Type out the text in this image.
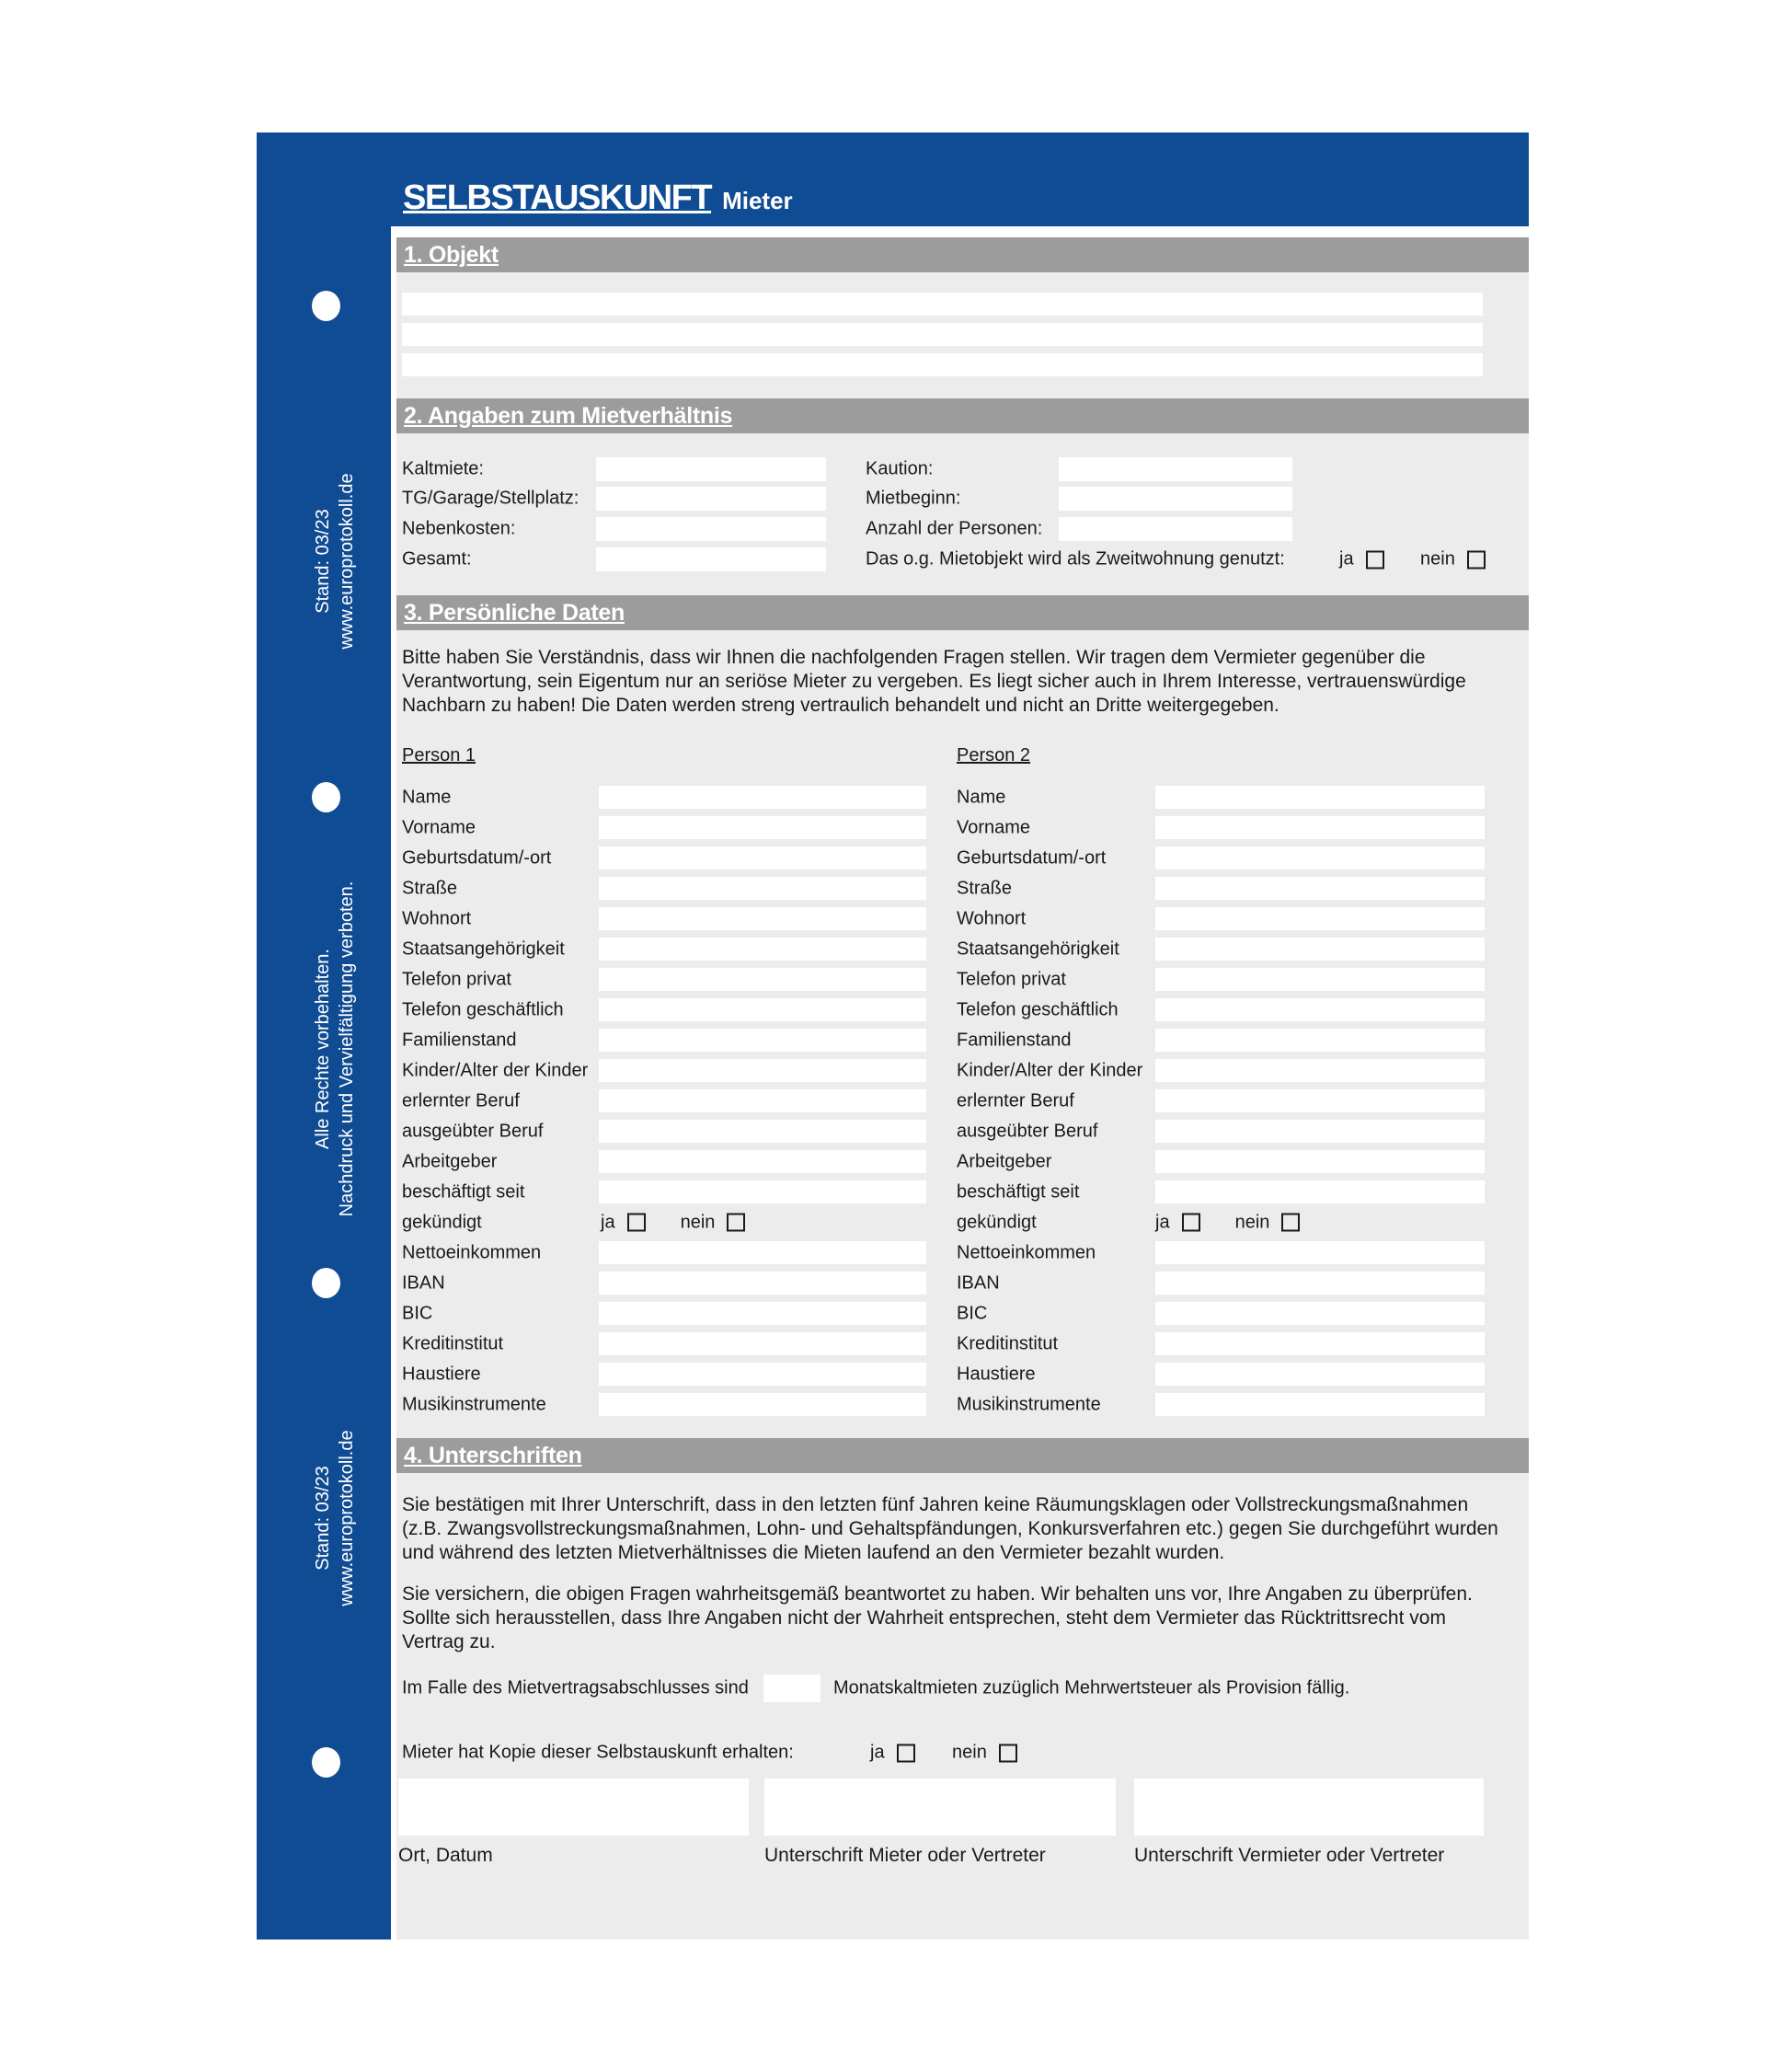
Stand: 03/23 www.europrotokoll.de
Alle Rechte vorbehalten. Nachdruck und Vervielfältigung verboten.
Stand: 03/23 www.europrotokoll.de
SELBSTAUSKUNFT Mieter
1. Objekt
2. Angaben zum Mietverhältnis
Kaltmiete:	Kaution:
TG/Garage/Stellplatz:	Mietbeginn:
Nebenkosten:	Anzahl der Personen:
Gesamt:	Das o.g. Mietobjekt wird als Zweitwohnung genutzt:	ja	nein
3. Persönliche Daten
Bitte haben Sie Verständnis, dass wir Ihnen die nachfolgenden Fragen stellen. Wir tragen dem Vermieter gegenüber die
Verantwortung, sein Eigentum nur an seriöse Mieter zu vergeben. Es liegt sicher auch in Ihrem Interesse, vertrauenswürdige
Nachbarn zu haben! Die Daten werden streng vertraulich behandelt und nicht an Dritte weitergegeben.
Person 1	Person 2
Name	Name
Vorname	Vorname
Geburtsdatum/-ort	Geburtsdatum/-ort
Straße	Straße
Wohnort	Wohnort
Staatsangehörigkeit	Staatsangehörigkeit
Telefon privat	Telefon privat
Telefon geschäftlich	Telefon geschäftlich
Familienstand	Familienstand
Kinder/Alter der Kinder	Kinder/Alter der Kinder
erlernter Beruf	erlernter Beruf
ausgeübter Beruf	ausgeübter Beruf
Arbeitgeber	Arbeitgeber
beschäftigt seit	beschäftigt seit
gekündigt	ja	nein	gekündigt	ja	nein
Nettoeinkommen	Nettoeinkommen
IBAN	IBAN
BIC	BIC
Kreditinstitut	Kreditinstitut
Haustiere	Haustiere
Musikinstrumente	Musikinstrumente
4. Unterschriften
Sie bestätigen mit Ihrer Unterschrift, dass in den letzten fünf Jahren keine Räumungsklagen oder Vollstreckungsmaßnahmen
(z.B. Zwangsvollstreckungsmaßnahmen, Lohn- und Gehaltspfändungen, Konkursverfahren etc.) gegen Sie durchgeführt wurden
und während des letzten Mietverhältnisses die Mieten laufend an den Vermieter bezahlt wurden.
Sie versichern, die obigen Fragen wahrheitsgemäß beantwortet zu haben. Wir behalten uns vor, Ihre Angaben zu überprüfen.
Sollte sich herausstellen, dass Ihre Angaben nicht der Wahrheit entsprechen, steht dem Vermieter das Rücktrittsrecht vom
Vertrag zu.
Im Falle des Mietvertragsabschlusses sind	Monatskaltmieten zuzüglich Mehrwertsteuer als Provision fällig.
Mieter hat Kopie dieser Selbstauskunft erhalten:	ja	nein
Ort, Datum	Unterschrift Mieter oder Vertreter	Unterschrift Vermieter oder Vertreter
